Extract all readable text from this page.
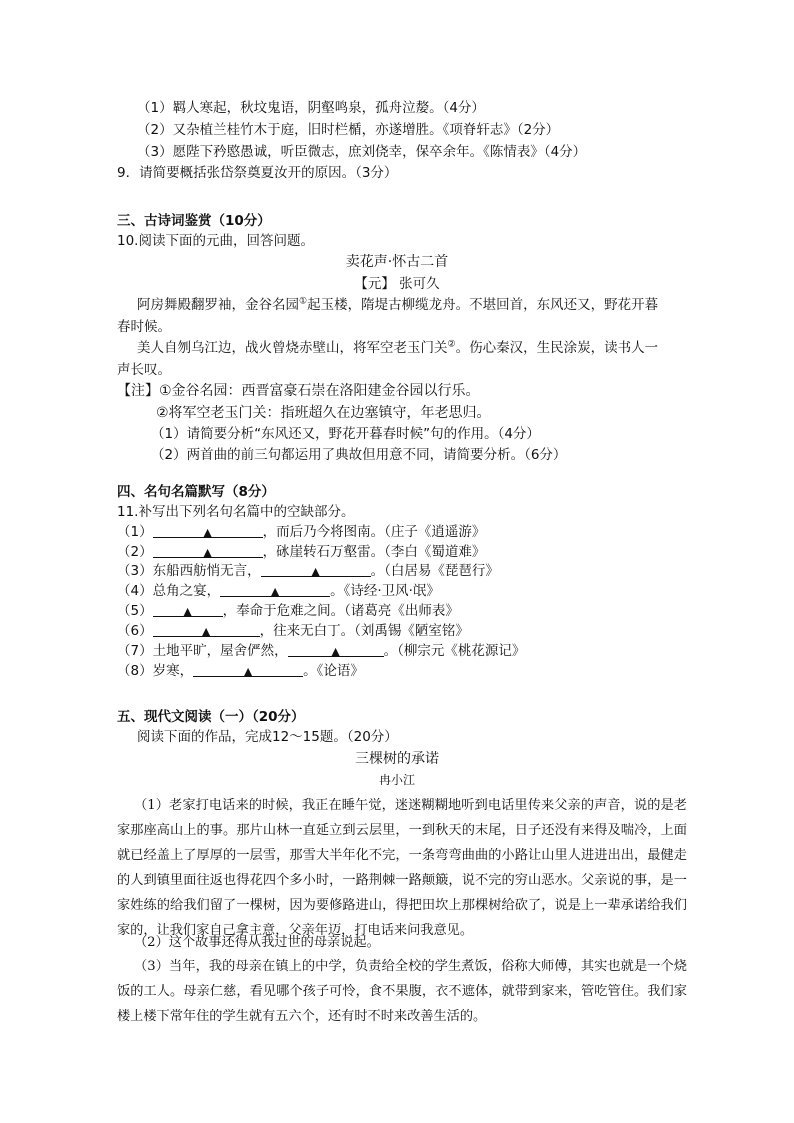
（1）羁人寒起，秋坟鬼语，阴壑鸣泉，孤舟泣嫠。（4分）
（2）又杂植兰桂竹木于庭，旧时栏楯，亦遂增胜。《项脊轩志》（2分）
（3）愿陛下矜愍愚诚，听臣微志，庶刘侥幸，保卒余年。《陈情表》（4分）
9．请简要概括张岱祭奠夏汝开的原因。（3分）
三、古诗词鉴赏（10分）
10.阅读下面的元曲，回答问题。
卖花声·怀古二首
【元】 张可久
阿房舞殿翻罗袖，金谷名园①起玉楼，隋堤古柳缆龙舟。不堪回首，东风还又，野花开暮
春时候。
美人自刎乌江边，战火曾烧赤壁山，将军空老玉门关②。伤心秦汉，生民涂炭，读书人一
声长叹。
【注】①金谷名园：西晋富豪石崇在洛阳建金谷园以行乐。
②将军空老玉门关：指班超久在边塞镇守，年老思归。
（1）请简要分析“东风还又，野花开暮春时候”句的作用。（4分）
（2）两首曲的前三句都运用了典故但用意不同，请简要分析。（6分）
四、名句名篇默写（8分）
11.补写出下列名句名篇中的空缺部分。
（1）	▲	，而后乃今将图南。（庄子《逍遥游》
（2）	▲	，砯崖转石万壑雷。（李白《蜀道难》
（3）东船西舫悄无言，	▲	。（白居易《琵琶行》
（4）总角之宴，	▲	。《诗经·卫风·氓》
（5）	▲ ，奉命于危难之间。（诸葛亮《出师表》
（6）	▲	，往来无白丁。（刘禹锡《陋室铭》
（7）土地平旷，屋舍俨然，	▲	。（柳宗元《桃花源记》
（8）岁寒，	▲	。《论语》
五、现代文阅读（一）（20分）
阅读下面的作品，完成12～15题。（20分）
三棵树的承诺
冉小江
（1）老家打电话来的时候，我正在睡午觉，迷迷糊糊地听到电话里传来父亲的声音，说的是老家那座高山上的事。那片山林一直延立到云层里，一到秋天的末尾，日子还没有来得及喘冷，上面就已经盖上了厚厚的一层雪，那雪大半年化不完，一条弯弯曲曲的小路让山里人进进出出，最健走的人到镇里面往返也得花四个多小时，一路荆棘一路颠簸，说不完的穷山恶水。父亲说的事，是一家姓练的给我们留了一棵树，因为要修路进山，得把田坎上那棵树给砍了，说是上一辈承诺给我们家的，让我们家自己拿主意，父亲年迈，打电话来问我意见。
（2）这个故事还得从我过世的母亲说起。
（3）当年，我的母亲在镇上的中学，负责给全校的学生煮饭，俗称大师傅，其实也就是一个烧饭的工人。母亲仁慈，看见哪个孩子可怜，食不果腹，衣不遮体，就带到家来，管吃管住。我们家楼上楼下常年住的学生就有五六个，还有时不时来改善生活的。
